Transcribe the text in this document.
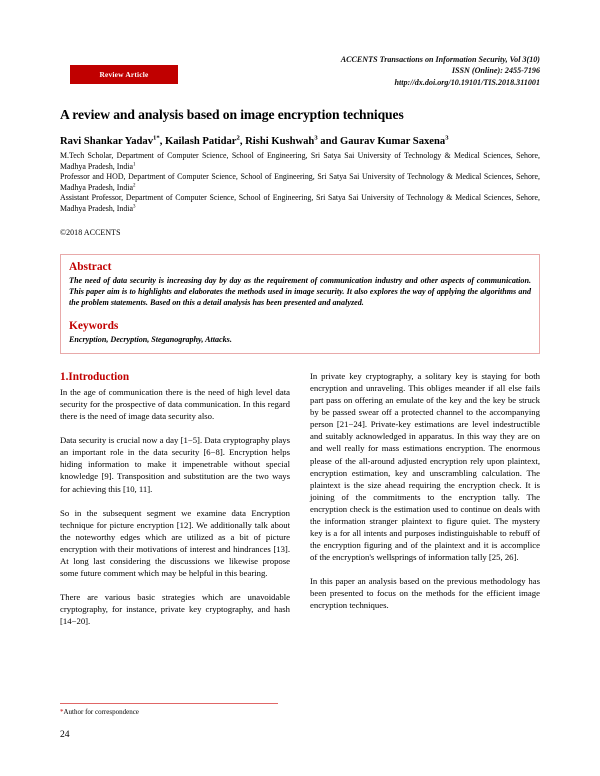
Review Article
ACCENTS Transactions on Information Security, Vol 3(10)
ISSN (Online): 2455-7196
http://dx.doi.org/10.19101/TIS.2018.311001
A review and analysis based on image encryption techniques
Ravi Shankar Yadav$^{1*}$, Kailash Patidar$^2$, Rishi Kushwah$^3$ and Gaurav Kumar Saxena$^3$

M.Tech Scholar, Department of Computer Science, School of Engineering, Sri Satya Sai University of Technology & Medical Sciences, Sehore, Madhya Pradesh, India$^1$

Professor and HOD, Department of Computer Science, School of Engineering, Sri Satya Sai University of Technology & Medical Sciences, Sehore, Madhya Pradesh, India$^2$

Assistant Professor, Department of Computer Science, School of Engineering, Sri Satya Sai University of Technology & Medical Sciences, Sehore, Madhya Pradesh, India$^3$

©2018 ACCENTS
Abstract

The need of data security is increasing day by day as the requirement of communication industry and other aspects of communication. This paper aim is to highlights and elaborates the methods used in image security. It also explores the way of applying the algorithms and the problem statements. Based on this a detail analysis has been presented and analyzed.

Keywords

Encryption, Decryption, Steganography, Attacks.

1.Introduction

In the age of communication there is the need of high level data security for the prospective of data communication. In this regard there is the need of image data security also.

Data security is crucial now a day [1−5]. Data cryptography plays an important role in the data security [6−8]. Encryption helps hiding information to make it impenetrable without special knowledge [9]. Transposition and substitution are the two ways for achieving this [10, 11].

So in the subsequent segment we examine data Encryption technique for picture encryption [12]. We additionally talk about the noteworthy edges which are utilized as a bit of picture encryption with their motivations of interest and hindrances [13]. At long last considering the discussions we likewise propose some future comment which may be helpful in this bearing.

There are various basic strategies which are unavoidable cryptography, for instance, private key cryptography, and hash [14−20].

In private key cryptography, a solitary key is staying for both encryption and unraveling. This obliges meander if all else fails part pass on offering an emulate of the key and the key be struck by be passed swear off a protected channel to the accompanying person [21−24]. Private-key estimations are level indestructible and suitably acknowledged in apparatus. In this way they are on and well really for mass estimations encryption. The enormous please of the all-around adjusted encryption rely upon plaintext, encryption estimation, key and unscrambling calculation. The plaintext is the size ahead requiring the encryption check. It is joining of the commitments to the encryption tally. The encryption check is the estimation used to continue on deals with the information stranger plaintext to figure quiet. The mystery key is a for all intents and purposes indistinguishable to rebuff of the encryption figuring and of the plaintext and it is accomplice of the encryption's wellsprings of information tally [25, 26].

In this paper an analysis based on the previous methodology has been presented to focus on the methods for the efficient image encryption techniques.

*Author for correspondence

24
